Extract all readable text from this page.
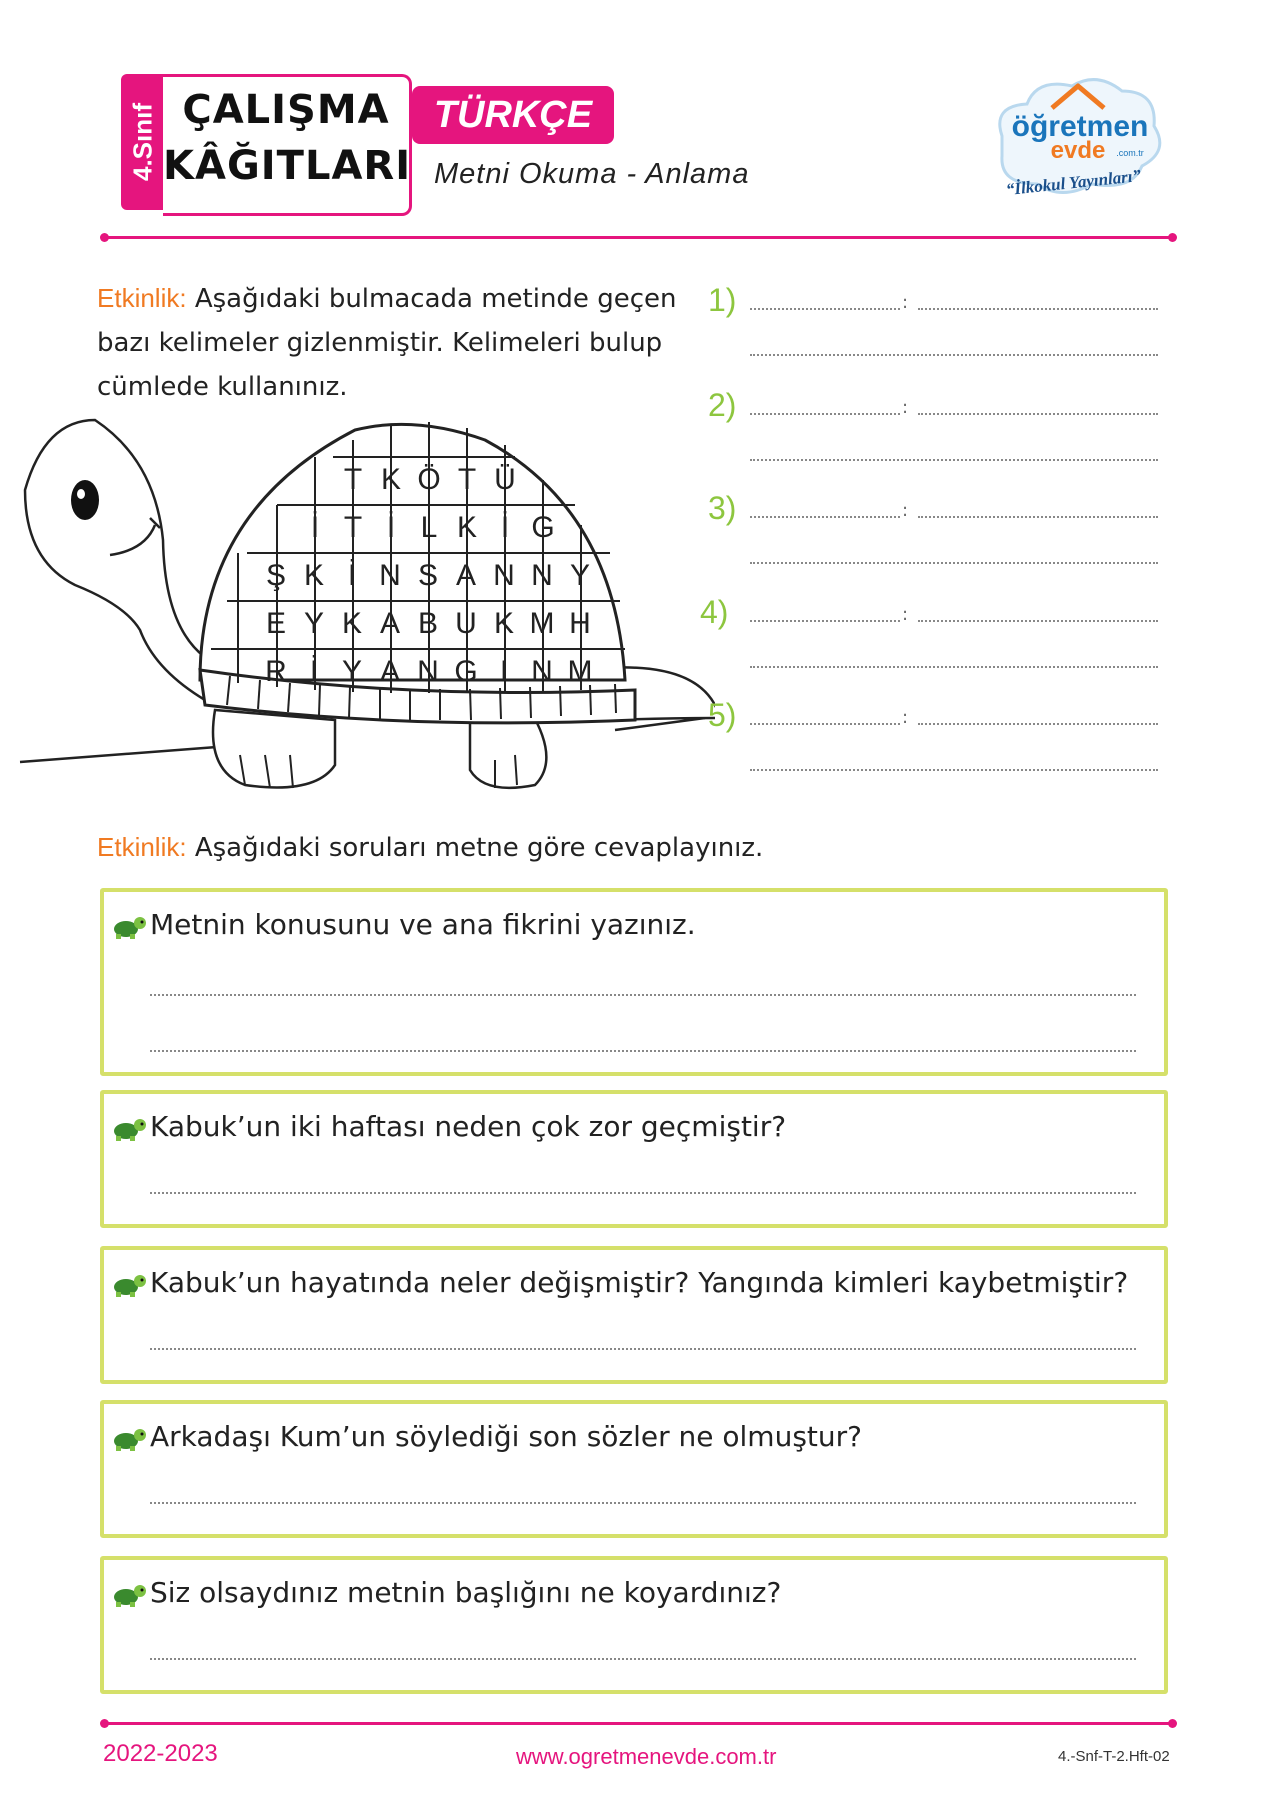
4.Sınıf ÇALIŞMA
KÂĞITLARI
TÜRKÇE
Metni Okuma - Anlama
öğretmen
evde .com.tr
“İlkokul Yayınları”
Etkinlik: Aşağıdaki bulmacada metinde geçen
bazı kelimeler gizlenmiştir. Kelimeleri bulup
cümlede kullanınız.
T K Ö T Ü
İ T İ L K İ G
Ş K İ N S A N N Y
E Y K A B U K M H
R İ Y A N G I N M
1)	:
2)	:
3)	:
4)	:
5)	:
Etkinlik: Aşağıdaki soruları metne göre cevaplayınız.
Metnin konusunu ve ana fikrini yazınız.
Kabuk’un iki haftası neden çok zor geçmiştir?
Kabuk’un hayatında neler değişmiştir? Yangında kimleri kaybetmiştir?
Arkadaşı Kum’un söylediği son sözler ne olmuştur?
Siz olsaydınız metnin başlığını ne koyardınız?
2022-2023	www.ogretmenevde.com.tr	4.-Snf-T-2.Hft-02
